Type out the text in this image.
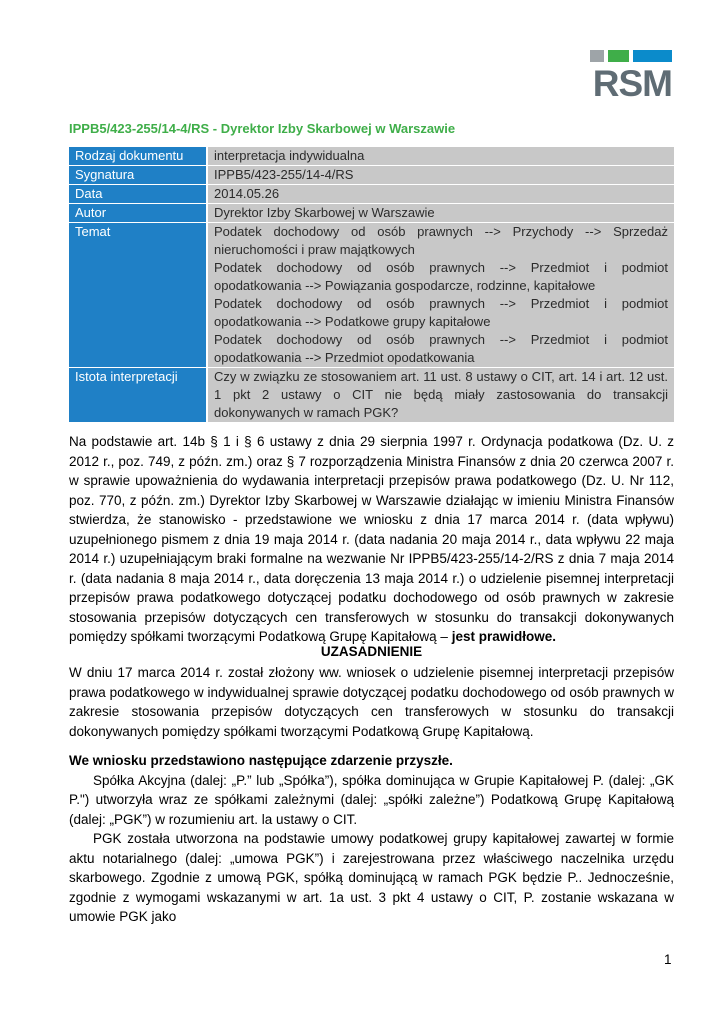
RSM
IPPB5/423-255/14-4/RS - Dyrektor Izby Skarbowej w Warszawie
Rodzaj dokumentu	interpretacja indywidualna
Sygnatura	IPPB5/423-255/14-4/RS
Data	2014.05.26
Autor	Dyrektor Izby Skarbowej w Warszawie
Temat	Podatek dochodowy od osób prawnych --> Przychody --> Sprzedaż nieruchomości i praw majątkowych
Podatek dochodowy od osób prawnych --> Przedmiot i podmiot opodatkowania --> Powiązania gospodarcze, rodzinne, kapitałowe
Podatek dochodowy od osób prawnych --> Przedmiot i podmiot opodatkowania --> Podatkowe grupy kapitałowe
Podatek dochodowy od osób prawnych --> Przedmiot i podmiot opodatkowania --> Przedmiot opodatkowania

Istota interpretacji	Czy w związku ze stosowaniem art. 11 ust. 8 ustawy o CIT, art. 14 i art. 12 ust. 1 pkt 2 ustawy o CIT nie będą miały zastosowania do transakcji dokonywanych w ramach PGK?
Na podstawie art. 14b § 1 i § 6 ustawy z dnia 29 sierpnia 1997 r. Ordynacja podatkowa (Dz. U. z 2012 r., poz. 749, z późn. zm.) oraz § 7 rozporządzenia Ministra Finansów z dnia 20 czerwca 2007 r. w sprawie upoważnienia do wydawania interpretacji przepisów prawa podatkowego (Dz. U. Nr 112, poz. 770, z późn. zm.) Dyrektor Izby Skarbowej w Warszawie działając w imieniu Ministra Finansów stwierdza, że stanowisko - przedstawione we wniosku z dnia 17 marca 2014 r. (data wpływu) uzupełnionego pismem z dnia 19 maja 2014 r. (data nadania 20 maja 2014 r., data wpływu 22 maja 2014 r.) uzupełniającym braki formalne na wezwanie Nr IPPB5/423-255/14-2/RS z dnia 7 maja 2014 r. (data nadania 8 maja 2014 r., data doręczenia 13 maja 2014 r.) o udzielenie pisemnej interpretacji przepisów prawa podatkowego dotyczącej podatku dochodowego od osób prawnych w zakresie stosowania przepisów dotyczących cen transferowych w stosunku do transakcji dokonywanych pomiędzy spółkami tworzącymi Podatkową Grupę Kapitałową – jest prawidłowe.
UZASADNIENIE
W dniu 17 marca 2014 r. został złożony ww. wniosek o udzielenie pisemnej interpretacji przepisów prawa podatkowego w indywidualnej sprawie dotyczącej podatku dochodowego od osób prawnych w zakresie stosowania przepisów dotyczących cen transferowych w stosunku do transakcji dokonywanych pomiędzy spółkami tworzącymi Podatkową Grupę Kapitałową.
We wniosku przedstawiono następujące zdarzenie przyszłe.
Spółka Akcyjna (dalej: „P.” lub „Spółka”), spółka dominująca w Grupie Kapitałowej P. (dalej: „GK P.") utworzyła wraz ze spółkami zależnymi (dalej: „spółki zależne”) Podatkową Grupę Kapitałową (dalej: „PGK”) w rozumieniu art. la ustawy o CIT.
PGK została utworzona na podstawie umowy podatkowej grupy kapitałowej zawartej w formie aktu notarialnego (dalej: „umowa PGK”) i zarejestrowana przez właściwego naczelnika urzędu skarbowego. Zgodnie z umową PGK, spółką dominującą w ramach PGK będzie P.. Jednocześnie, zgodnie z wymogami wskazanymi w art. 1a ust. 3 pkt 4 ustawy o CIT, P. zostanie wskazana w umowie PGK jako
1
